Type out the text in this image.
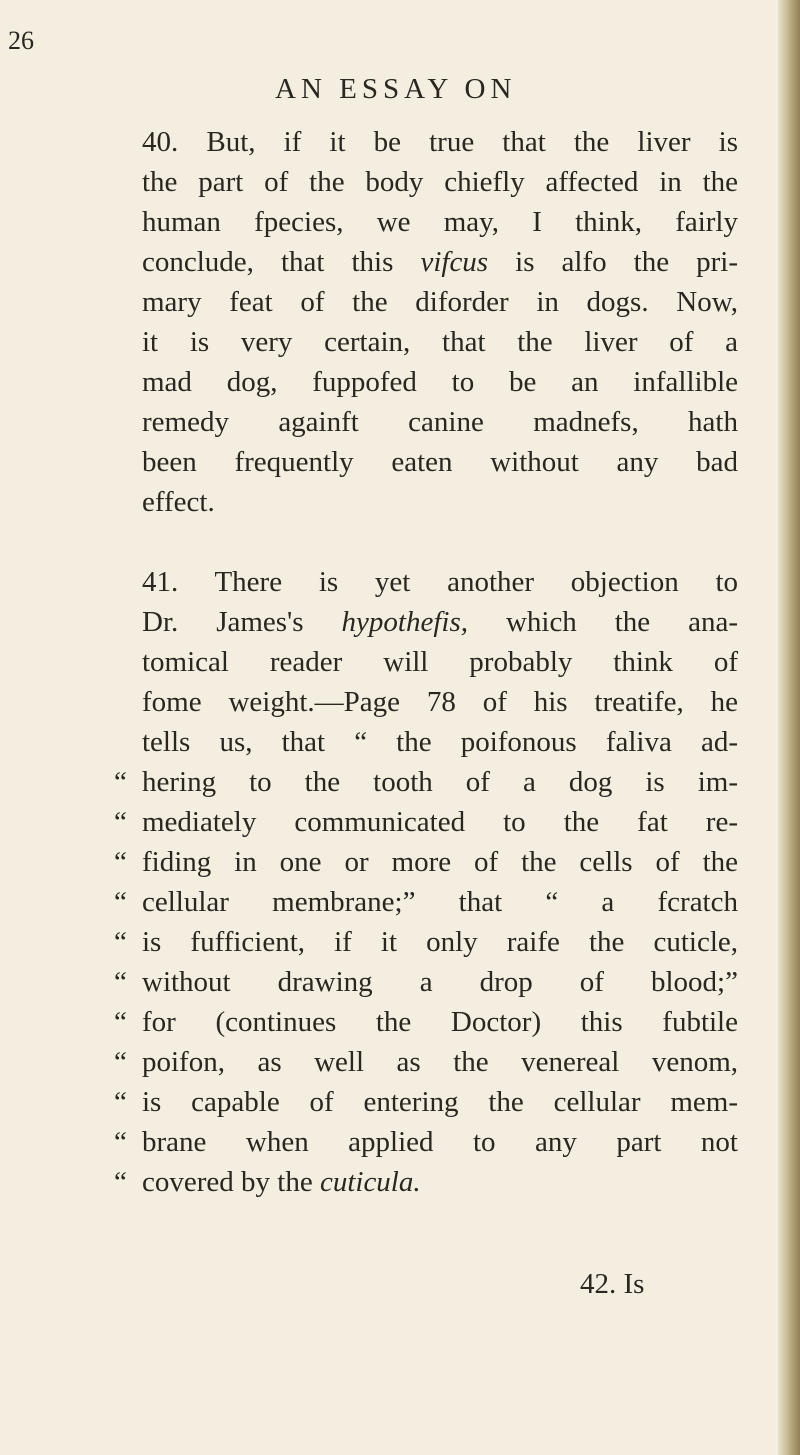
26
AN ESSAY ON
40. But, if it be true that the liver is
the part of the body chiefly affected in the
human fpecies, we may, I think, fairly
conclude, that this vifcus is alfo the pri-
mary feat of the diforder in dogs. Now,
it is very certain, that the liver of a
mad dog, fuppofed to be an infallible
remedy againft canine madnefs, hath
been frequently eaten without any bad
effect.
41. There is yet another objection to
Dr. James's hypothefis, which the ana-
tomical reader will probably think of
fome weight.—Page 78 of his treatife, he
tells us, that “ the poifonous faliva ad-
“ hering to the tooth of a dog is im-
“ mediately communicated to the fat re-
“ fiding in one or more of the cells of the
“ cellular membrane;” that “ a fcratch
“ is fufficient, if it only raife the cuticle,
“ without drawing a drop of blood;”
“ for (continues the Doctor) this fubtile
“ poifon, as well as the venereal venom,
“ is capable of entering the cellular mem-
“ brane when applied to any part not
“ covered by the cuticula.
42. Is
